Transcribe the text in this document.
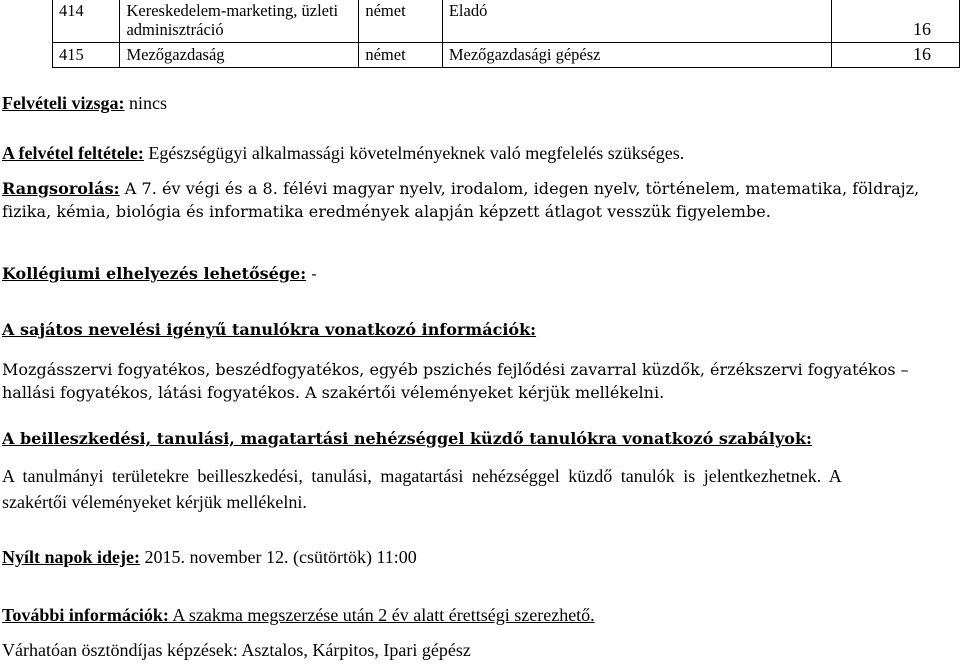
414	Kereskedelem-marketing, üzleti adminisztráció	német	Eladó	16
415	Mezőgazdaság	német	Mezőgazdasági gépész	16
Felvételi vizsga: nincs
A felvétel feltétele: Egészségügyi alkalmassági követelményeknek való megfelelés szükséges.
Rangsorolás: A 7. év végi és a 8. félévi magyar nyelv, irodalom, idegen nyelv, történelem, matematika, földrajz,
fizika, kémia, biológia és informatika eredmények alapján képzett átlagot vesszük figyelembe.
Kollégiumi elhelyezés lehetősége: -
A sajátos nevelési igényű tanulókra vonatkozó információk:
Mozgásszervi fogyatékos, beszédfogyatékos, egyéb pszichés fejlődési zavarral küzdők, érzékszervi fogyatékos –
hallási fogyatékos, látási fogyatékos. A szakértői véleményeket kérjük mellékelni.
A beilleszkedési, tanulási, magatartási nehézséggel küzdő tanulókra vonatkozó szabályok:
A tanulmányi területekre beilleszkedési, tanulási, magatartási nehézséggel küzdő tanulók is jelentkezhetnek. A
szakértői véleményeket kérjük mellékelni.
Nyílt napok ideje: 2015. november 12. (csütörtök) 11:00
További információk: A szakma megszerzése után 2 év alatt érettségi szerezhető.
Várhatóan ösztöndíjas képzések: Asztalos, Kárpitos, Ipari gépész
